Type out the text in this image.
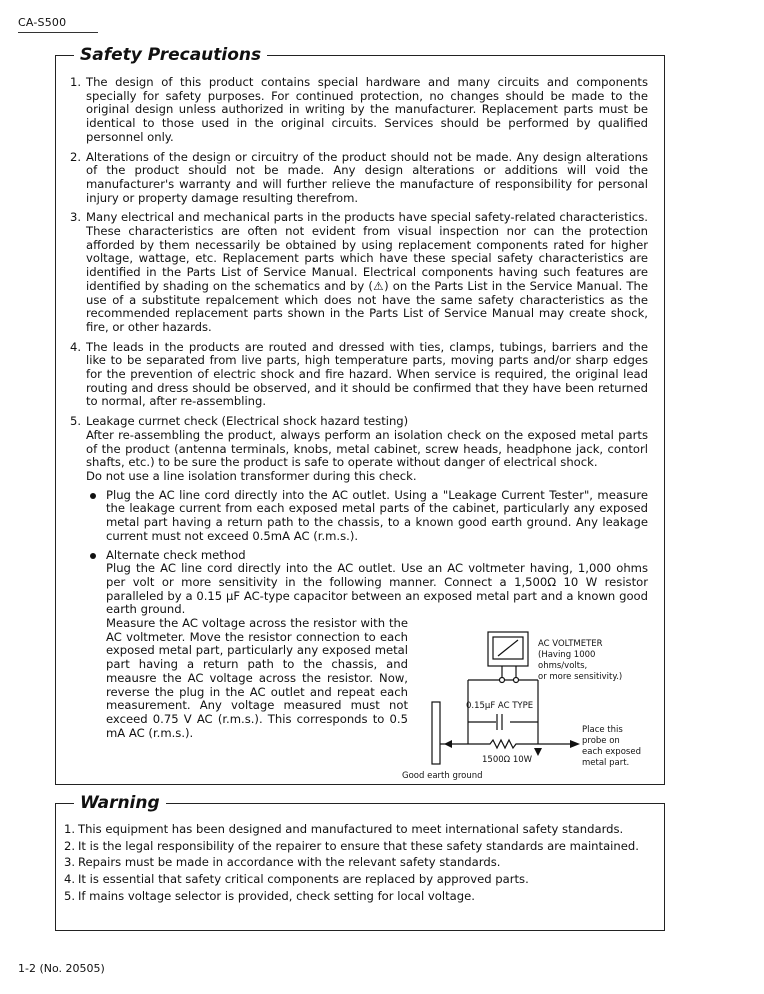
CA-S500
Safety Precautions
1. The design of this product contains special hardware and many circuits and components specially for safety purposes. For continued protection, no changes should be made to the original design unless authorized in writing by the manufacturer. Replacement parts must be identical to those used in the original circuits. Services should be performed by qualified personnel only.
2. Alterations of the design or circuitry of the product should not be made. Any design alterations of the product should not be made. Any design alterations or additions will void the manufacturer's warranty and will further relieve the manufacture of responsibility for personal injury or property damage resulting therefrom.
3. Many electrical and mechanical parts in the products have special safety-related characteristics. These characteristics are often not evident from visual inspection nor can the protection afforded by them necessarily be obtained by using replacement components rated for higher voltage, wattage, etc. Replacement parts which have these special safety characteristics are identified in the Parts List of Service Manual. Electrical components having such features are identified by shading on the schematics and by (⚠) on the Parts List in the Service Manual. The use of a substitute repalcement which does not have the same safety characteristics as the recommended replacement parts shown in the Parts List of Service Manual may create shock, fire, or other hazards.
4. The leads in the products are routed and dressed with ties, clamps, tubings, barriers and the like to be separated from live parts, high temperature parts, moving parts and/or sharp edges for the prevention of electric shock and fire hazard. When service is required, the original lead routing and dress should be observed, and it should be confirmed that they have been returned to normal, after re-assembling.
5. Leakage currnet check (Electrical shock hazard testing)
After re-assembling the product, always perform an isolation check on the exposed metal parts of the product (antenna terminals, knobs, metal cabinet, screw heads, headphone jack, contorl shafts, etc.) to be sure the product is safe to operate without danger of electrical shock.
Do not use a line isolation transformer during this check.
Plug the AC line cord directly into the AC outlet. Using a "Leakage Current Tester", measure the leakage current from each exposed metal parts of the cabinet, particularly any exposed metal part having a return path to the chassis, to a known good earth ground. Any leakage current must not exceed 0.5mA AC (r.m.s.).
Alternate check method
Plug the AC line cord directly into the AC outlet. Use an AC voltmeter having, 1,000 ohms per volt or more sensitivity in the following manner. Connect a 1,500Ω 10 W resistor paralleled by a 0.15 µF AC-type capacitor between an exposed metal part and a known good earth ground.
Measure the AC voltage across the resistor with the AC voltmeter. Move the resistor connection to each exposed metal part, particularly any exposed metal part having a return path to the chassis, and meausre the AC voltage across the resistor. Now, reverse the plug in the AC outlet and repeat each measurement. Any voltage measured must not exceed 0.75 V AC (r.m.s.). This corresponds to 0.5 mA AC (r.m.s.).
AC VOLTMETER
(Having 1000
ohms/volts,
or more sensitivity.)
0.15µF AC TYPE
1500Ω 10W
Place this
probe on
each exposed
metal part.
Good earth ground
Warning
1. This equipment has been designed and manufactured to meet international safety standards.
2. It is the legal responsibility of the repairer to ensure that these safety standards are maintained.
3. Repairs must be made in accordance with the relevant safety standards.
4. It is essential that safety critical components are replaced by approved parts.
5. If mains voltage selector is provided, check setting for local voltage.
1-2 (No. 20505)
